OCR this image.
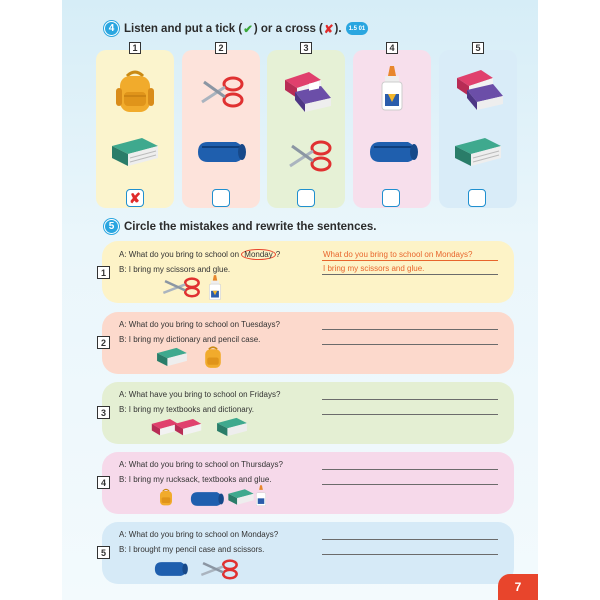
4 Listen and put a tick ( ✔ ) or a cross ( ✘ ).	1.5 01
1
✘
2	3	4	5
5 Circle the mistakes and rewrite the sentences.
1
A: What do you bring to school on Monday ?
B: I bring my scissors and glue.
What do you bring to school on Mondays?
I bring my scissors and glue.
2
A: What do you bring to school on Tuesdays?
B: I bring my dictionary and pencil case.
3
A: What have you bring to school on Fridays?
B: I bring my textbooks and dictionary.
4
A: What do you bring to school on Thursdays?
B: I bring my rucksack, textbooks and glue.
5
A: What do you bring to school on Mondays?
B: I brought my pencil case and scissors.
7
